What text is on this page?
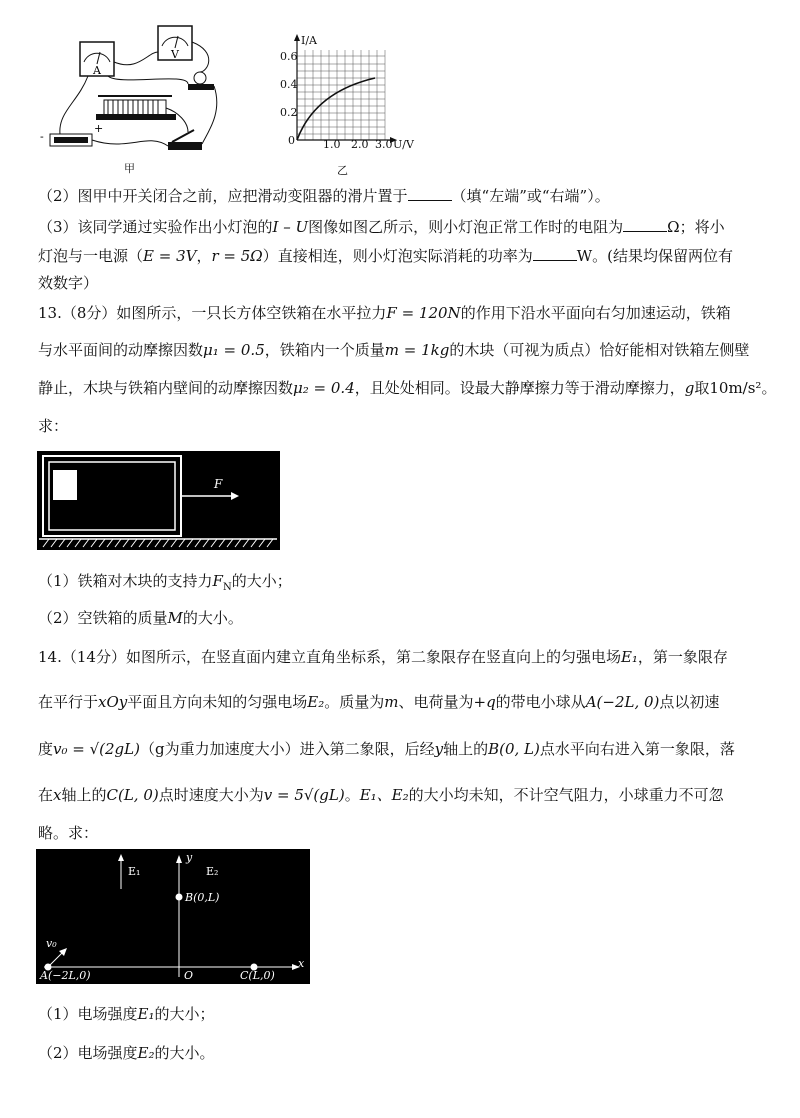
A
V
-
+
甲
I/A
0.6
0.4
0.2
0	1.0 2.0 3.0 U/V
乙
（2）图甲中开关闭合之前，应把滑动变阻器的滑片置于	（填“左端”或“右端”）。
（3）该同学通过实验作出小灯泡的I – U图像如图乙所示，则小灯泡正常工作时的电阻为	Ω；将小
灯泡与一电源（E = 3V，r = 5Ω）直接相连，则小灯泡实际消耗的功率为	W。(结果均保留两位有
效数字）
13.（8分）如图所示，一只长方体空铁箱在水平拉力F = 120N的作用下沿水平面向右匀加速运动，铁箱
与水平面间的动摩擦因数μ₁ = 0.5，铁箱内一个质量m = 1kg的木块（可视为质点）恰好能相对铁箱左侧壁
静止，木块与铁箱内壁间的动摩擦因数μ₂ = 0.4，且处处相同。设最大静摩擦力等于滑动摩擦力，g取10m/s²。
求：
F
（1）铁箱对木块的支持力$F_N$的大小；
（2）空铁箱的质量M的大小。
14.（14分）如图所示，在竖直面内建立直角坐标系，第二象限存在竖直向上的匀强电场E₁，第一象限存
在平行于xOy平面且方向未知的匀强电场E₂。质量为m、电荷量为+q的带电小球从A(−2L, 0)点以初速
度v₀ = √(2gL)（g为重力加速度大小）进入第二象限，后经y轴上的B(0, L)点水平向右进入第一象限，落
在x轴上的C(L, 0)点时速度大小为v = 5√(gL)。E₁、E₂的大小均未知，不计空气阻力，小球重力不可忽
略。求：
E₁	E₂
y
x
O
B(0,L)
A(−2L,0)	C(L,0)
v₀
（1）电场强度E₁的大小；
（2）电场强度E₂的大小。
